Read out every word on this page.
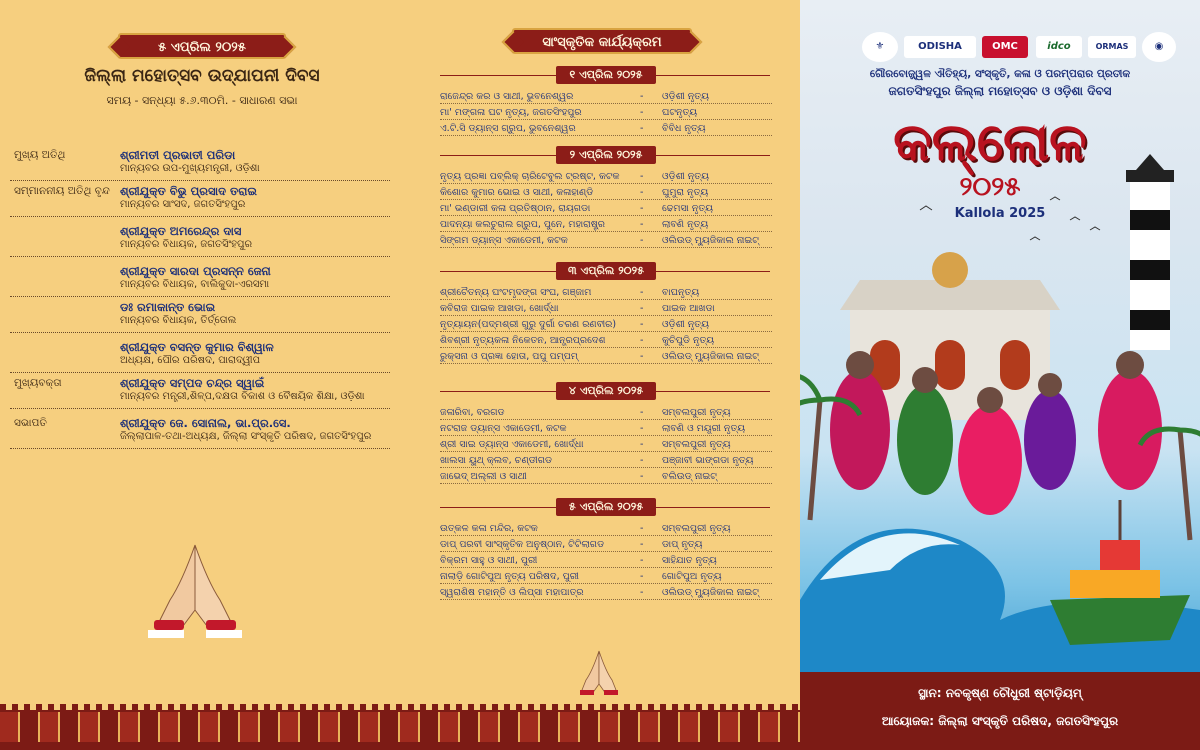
୫ ଏପ୍ରିଲ ୨୦୨୫
ଜିଲ୍ଲା ମହୋତ୍ସବ ଉଦ୍‌ଯାପନୀ ଦିବସ
ସମୟ - ସନ୍ଧ୍ୟା ୫.୬.୩୦ମି. - ସାଧାରଣ ସଭା
ମୁଖ୍ୟ ଅତିଥି	ଶ୍ରୀମତୀ ପ୍ରଭାତୀ ପରିଡା
ମାନ୍ୟବର ଉପ-ମୁଖ୍ୟମନ୍ତ୍ରୀ, ଓଡ଼ିଶା
ସମ୍ମାନନୀୟ ଅତିଥି ବୃନ୍ଦ ଶ୍ରୀଯୁକ୍ତ ବିଭୁ ପ୍ରସାଦ ତରାଇ
ମାନ୍ୟବର ସାଂସଦ, ଜଗତସିଂହପୁର
ଶ୍ରୀଯୁକ୍ତ ଅମରେନ୍ଦ୍ର ଦାସ
ମାନ୍ୟବର ବିଧାୟକ, ଜଗତସିଂହପୁର
ଶ୍ରୀଯୁକ୍ତ ସାରଦା ପ୍ରସନ୍ନ ଜେନା
ମାନ୍ୟବର ବିଧାୟକ, ବାଲିକୁଦା-ଏରସମା
ଡଃ ରମାକାନ୍ତ ଭୋଇ
ମାନ୍ୟବର ବିଧାୟକ, ତିର୍ତ୍ତୋଲ
ଶ୍ରୀଯୁକ୍ତ ବସନ୍ତ କୁମାର ବିଶ୍ୱାଳ
ଅଧ୍ୟକ୍ଷ, ପୌର ପରିଷଦ, ପାରାଦ୍ୱୀପ
ମୁଖ୍ୟବକ୍ତା	ଶ୍ରୀଯୁକ୍ତ ସମ୍ପଦ ଚନ୍ଦ୍ର ସ୍ୱାଇଁ
ମାନ୍ୟବର ମନ୍ତ୍ରୀ,ଶିଳ୍ପ,ଦକ୍ଷତା ବିକାଶ ଓ ବୈଷୟିକ ଶିକ୍ଷା, ଓଡ଼ିଶା
ସଭାପତି	ଶ୍ରୀଯୁକ୍ତ ଜେ. ସୋନାଲ, ଭା.ପ୍ର.ସେ.
ଜିଲ୍ଲାପାଳ-ତଥା-ଅଧ୍ୟକ୍ଷ, ଜିଲ୍ଲା ସଂସ୍କୃତି ପରିଷଦ, ଜଗତସିଂହପୁର
ସାଂସ୍କୃତିକ କାର୍ଯ୍ୟକ୍ରମ
୧ ଏପ୍ରିଲ ୨୦୨୫
ରାଜେନ୍ଦ୍ର କର ଓ ସାଥୀ, ଭୁବନେଶ୍ୱର	- ଓଡ଼ିଶୀ ନୃତ୍ୟ
ମା' ମଙ୍ଗଳା ଘଟ ନୃତ୍ୟ, ଜଗତସିଂହପୁର	- ଘଟନୃତ୍ୟ
ଏ.ଟି.ସି ଡ୍ୟାନ୍ସ ଗ୍ରୁପ, ଭୁବନେଶ୍ୱର	- ବିବିଧ ନୃତ୍ୟ
୨ ଏପ୍ରିଲ ୨୦୨୫
ନୃତ୍ୟ ପ୍ରଜ୍ଞା ପବ୍ଲିକ୍ ଚାରିଟେବୁଲ ଟ୍ରଷ୍ଟ, କଟକ - ଓଡ଼ିଶୀ ନୃତ୍ୟ
କିଶୋର କୁମାର ଭୋଇ ଓ ସାଥୀ, କଳାହାଣ୍ଡି	- ଘୁମୁରା ନୃତ୍ୟ
ମା' ଭଣ୍ଡାରୀ କଳା ପ୍ରତିଷ୍ଠାନ, ରାୟଗଡା	- ଢେମସା ନୃତ୍ୟ
ପାଦନ୍ୟା କଲଚୁରାଲ ଗ୍ରୁପ, ପୁନେ, ମହାରାଷ୍ଟ୍ର	- ଲାବଣି ନୃତ୍ୟ
ସିଙ୍ଗମ ଡ୍ୟାନ୍ସ ଏକାଡେମୀ, କଟକ	- ଓଲିଉଡ୍ ମ୍ୟୁଜିକାଲ ନାଇଟ୍
୩ ଏପ୍ରିଲ ୨୦୨୫
ଶ୍ରୀଚୈତନ୍ୟ ଘଂଟମୃଦଙ୍ଗ ସଂଘ, ଗଞ୍ଜାମ	- ବାଘନୃତ୍ୟ
କବିରାଜ ପାଇକ ଆଖଡା, ଖୋର୍ଦ୍ଧା	- ପାଇକ ଆଖଡା
ନୃତ୍ୟାୟନ(ପଦ୍ମଶ୍ରୀ ଗୁରୁ ଦୁର୍ଗା ଚରଣ ରଣବୀର)	- ଓଡ଼ିଶୀ ନୃତ୍ୟ
ଶିବଶ୍ରୀ ନୃତ୍ୟକଳା ନିକେତନ, ଆନ୍ଧ୍ରପ୍ରଦେଶ	- କୁଚିପୁଡି ନୃତ୍ୟ
ରୁକ୍‌ସନା ଓ ପ୍ରଜ୍ଞା ହୋତା, ପପୁ ପମ୍‌ପମ୍	- ଓଲିଉଡ୍ ମ୍ୟୁଜିକାଲ ନାଇଟ୍
୪ ଏପ୍ରିଲ ୨୦୨୫
ଜଳାରିବା, ବରଗଡ	- ସମ୍ବଲପୁରୀ ନୃତ୍ୟ
ନଟରାଜ ଡ୍ୟାନ୍ସ ଏକାଡେମୀ, କଟକ	- ଲାବଣି ଓ ମୟୂରୀ ନୃତ୍ୟ
ଶ୍ରୀ ସାଇ ଡ୍ୟାନ୍ସ ଏକାଡେମୀ, ଖୋର୍ଦ୍ଧା	- ସମ୍ବଲପୁରୀ ନୃତ୍ୟ
ଖାଲସା ୟୁଥ୍ କ୍ଲବ, ଚଣ୍ଡୀଗଡ	- ପଞ୍ଜାବୀ ଭାଙ୍ଗଡା ନୃତ୍ୟ
ଜାଭେଦ୍ ଅଲ୍ଲୀ ଓ ସାଥୀ	- ବଲିଉଡ୍ ନାଇଟ୍
୫ ଏପ୍ରିଲ ୨୦୨୫
ଉତ୍କଳ କଳା ମନ୍ଦିର, କଟକ	- ସମ୍ବଲପୁରୀ ନୃତ୍ୟ
ଡାପ୍ ପରବୀ ସାଂସ୍କୃତିକ ଅନୁଷ୍ଠାନ, ଟିଟିଲାଗଡ	- ଡାପ୍ ନୃତ୍ୟ
ବିକ୍ରମ ସାହୁ ଓ ସାଥୀ, ପୁରୀ	- ସାହିଯାତ ନୃତ୍ୟ
ନାଲାଡ଼ି ଗୋଟିପୁଅ ନୃତ୍ୟ ପରିଷଦ, ପୁରୀ	- ଗୋଟିପୁଅ ନୃତ୍ୟ
ସ୍ୱରାଶିଷ ମହାନ୍ତି ଓ ଲିପ୍‌ସା ମହାପାତ୍ର	- ଓଲିଉଡ୍ ମ୍ୟୁଜିକାଲ ନାଇଟ୍
⚜	ODISHA	OMC	idco	ORMAS	◉
ଗୌରବୋଜ୍ଜ୍ୱଳ ଐତିହ୍ୟ, ସଂସ୍କୃତି, କଳା ଓ ପରମ୍ପରାର ପ୍ରତୀକ
ଜଗତସିଂହପୁର ଜିଲ୍ଲା ମହୋତ୍ସବ ଓ ଓଡ଼ିଶା ଦିବସ
କଲ୍ଲୋଳ
୨୦୨୫
Kallola 2025
ସ୍ଥାନ: ନବକୃଷ୍ଣ ଚୌଧୁରୀ ଷ୍ଟାଡ଼ିୟମ୍
ଆୟୋଜକ: ଜିଲ୍ଲା ସଂସ୍କୃତି ପରିଷଦ, ଜଗତସିଂହପୁର
